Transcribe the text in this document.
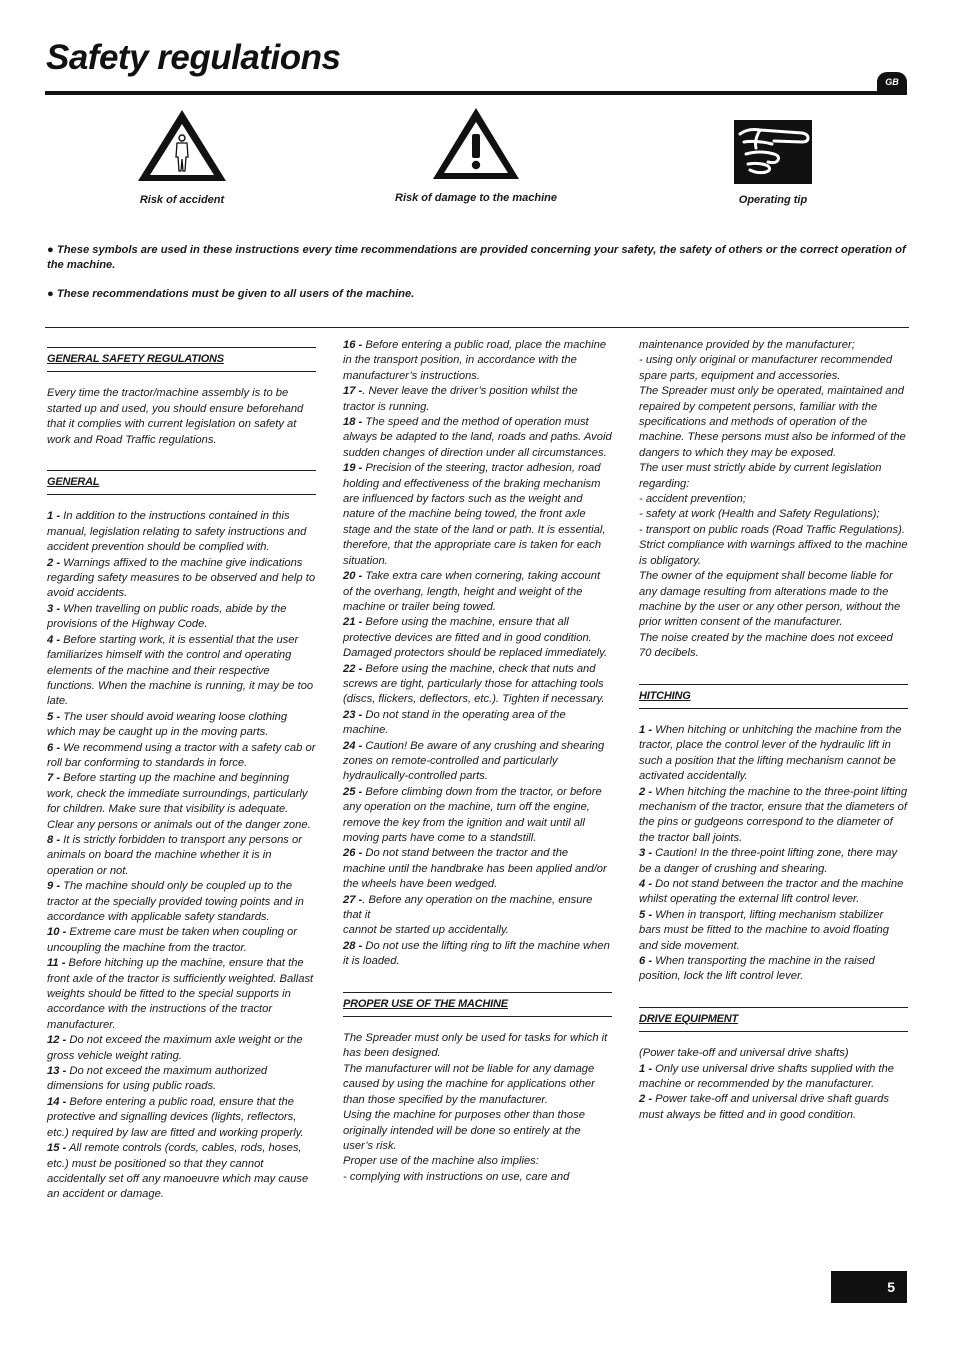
Safety regulations
GB
Risk of accident	Risk of damage to the machine	Operating tip

● These symbols are used in these instructions every time recommendations are provided concerning your safety, the safety of others or the correct operation of the machine.

● These recommendations must be given to all users of the machine.

GENERAL SAFETY REGULATIONS

Every time the tractor/machine assembly is to be started up and used, you should ensure beforehand that it complies with current legislation on safety at work and Road Traffic regulations.

GENERAL

1 - In addition to the instructions contained in this manual, legislation relating to safety instructions and accident prevention should be complied with.

2 - Warnings affixed to the machine give indications regarding safety measures to be observed and help to avoid accidents.

3 - When travelling on public roads, abide by the provisions of the Highway Code.

4 - Before starting work, it is essential that the user familiarizes himself with the control and operating elements of the machine and their respective functions. When the machine is running, it may be too late.

5 - The user should avoid wearing loose clothing which may be caught up in the moving parts.

6 - We recommend using a tractor with a safety cab or roll bar conforming to standards in force.

7 - Before starting up the machine and beginning work, check the immediate surroundings, particularly for children. Make sure that visibility is adequate. Clear any persons or animals out of the danger zone.

8 - It is strictly forbidden to transport any persons or animals on board the machine whether it is in operation or not.

9 - The machine should only be coupled up to the tractor at the specially provided towing points and in accordance with applicable safety standards.

10 - Extreme care must be taken when coupling or uncoupling the machine from the tractor.

11 - Before hitching up the machine, ensure that the front axle of the tractor is sufficiently weighted. Ballast weights should be fitted to the special supports in accordance with the instructions of the tractor manufacturer.

12 - Do not exceed the maximum axle weight or the gross vehicle weight rating.

13 - Do not exceed the maximum authorized dimensions for using public roads.

14 - Before entering a public road, ensure that the protective and signalling devices (lights, reflectors, etc.) required by law are fitted and working properly.

15 - All remote controls (cords, cables, rods, hoses, etc.) must be positioned so that they cannot accidentally set off any manoeuvre which may cause an accident or damage.

16 - Before entering a public road, place the machine in the transport position, in accordance with the manufacturer’s instructions.

17 -. Never leave the driver’s position whilst the tractor is running.

18 - The speed and the method of operation must always be adapted to the land, roads and paths. Avoid sudden changes of direction under all circumstances.

19 - Precision of the steering, tractor adhesion, road holding and effectiveness of the braking mechanism are influenced by factors such as the weight and nature of the machine being towed, the front axle stage and the state of the land or path. It is essential, therefore, that the appropriate care is taken for each situation.

20 - Take extra care when cornering, taking account of the overhang, length, height and weight of the machine or trailer being towed.

21 - Before using the machine, ensure that all protective devices are fitted and in good condition. Damaged protectors should be replaced immediately.

22 - Before using the machine, check that nuts and screws are tight, particularly those for attaching tools (discs, flickers, deflectors, etc.). Tighten if necessary.

23 - Do not stand in the operating area of the machine.

24 - Caution! Be aware of any crushing and shearing zones on remote-controlled and particularly hydraulically-controlled parts.

25 - Before climbing down from the tractor, or before any operation on the machine, turn off the engine, remove the key from the ignition and wait until all moving parts have come to a standstill.

26 - Do not stand between the tractor and the machine until the handbrake has been applied and/or the wheels have been wedged.

27 -. Before any operation on the machine, ensure that it

cannot be started up accidentally.

28 - Do not use the lifting ring to lift the machine when it is loaded.

PROPER USE OF THE MACHINE

The Spreader must only be used for tasks for which it has been designed.

The manufacturer will not be liable for any damage caused by using the machine for applications other than those specified by the manufacturer.

Using the machine for purposes other than those originally intended will be done so entirely at the user’s risk.

Proper use of the machine also implies:

- complying with instructions on use, care and

maintenance provided by the manufacturer;

- using only original or manufacturer recommended spare parts, equipment and accessories.

The Spreader must only be operated, maintained and repaired by competent persons, familiar with the specifications and methods of operation of the machine. These persons must also be informed of the dangers to which they may be exposed.

The user must strictly abide by current legislation regarding:

- accident prevention;

- safety at work (Health and Safety Regulations);

- transport on public roads (Road Traffic Regulations).

Strict compliance with warnings affixed to the machine is obligatory.

The owner of the equipment shall become liable for any damage resulting from alterations made to the machine by the user or any other person, without the prior written consent of the manufacturer.

The noise created by the machine does not exceed 70 decibels.

HITCHING

1 - When hitching or unhitching the machine from the tractor, place the control lever of the hydraulic lift in such a position that the lifting mechanism cannot be activated accidentally.

2 - When hitching the machine to the three-point lifting mechanism of the tractor, ensure that the diameters of the pins or gudgeons correspond to the diameter of the tractor ball joints.

3 - Caution! In the three-point lifting zone, there may be a danger of crushing and shearing.

4 - Do not stand between the tractor and the machine whilst operating the external lift control lever.

5 - When in transport, lifting mechanism stabilizer bars must be fitted to the machine to avoid floating and side movement.

6 - When transporting the machine in the raised position, lock the lift control lever.

DRIVE EQUIPMENT

(Power take-off and universal drive shafts)

1 - Only use universal drive shafts supplied with the machine or recommended by the manufacturer.

2 - Power take-off and universal drive shaft guards must always be fitted and in good condition.

5
